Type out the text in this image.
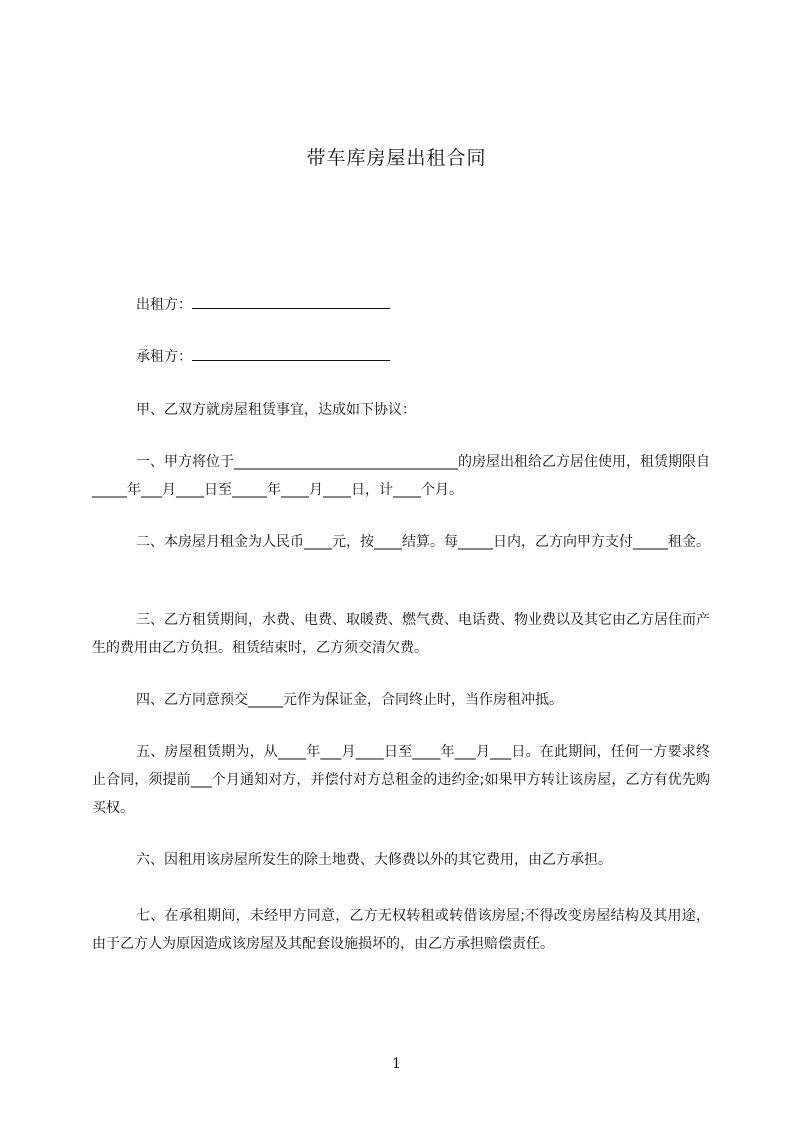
带车库房屋出租合同
出租方：
承租方：
甲、乙双方就房屋租赁事宜，达成如下协议：
一、甲方将位于________________________________的房屋出租给乙方居住使用，租赁期限自_____年___月____日至_____年____月____日，计____个月。
二、本房屋月租金为人民币____元，按____结算。每_____日内，乙方向甲方支付_____租金。
三、乙方租赁期间，水费、电费、取暖费、燃气费、电话费、物业费以及其它由乙方居住而产生的费用由乙方负担。租赁结束时，乙方须交清欠费。
四、乙方同意预交_____元作为保证金，合同终止时，当作房租冲抵。
五、房屋租赁期为，从____年___月____日至____年___月___日。在此期间，任何一方要求终止合同，须提前___个月通知对方，并偿付对方总租金的违约金;如果甲方转让该房屋，乙方有优先购买权。
六、因租用该房屋所发生的除土地费、大修费以外的其它费用，由乙方承担。
七、在承租期间，未经甲方同意，乙方无权转租或转借该房屋;不得改变房屋结构及其用途，由于乙方人为原因造成该房屋及其配套设施损坏的，由乙方承担赔偿责任。
1
